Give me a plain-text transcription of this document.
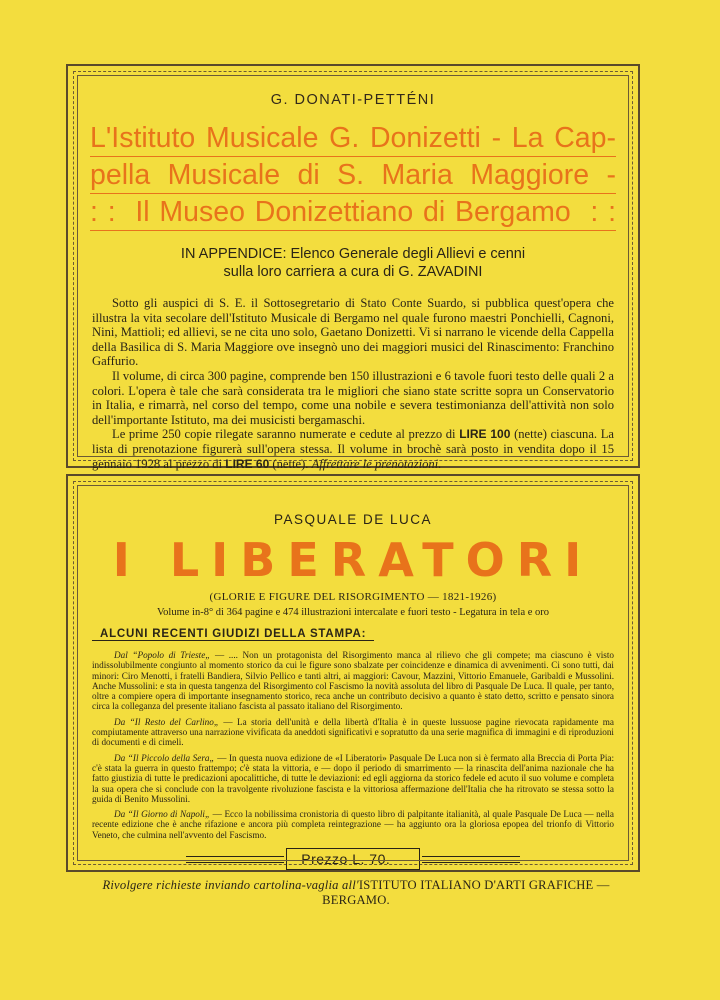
G. DONATI-PETTÉNI
L'Istituto Musicale G. Donizetti - La Cap-
pella Musicale di S. Maria Maggiore -
: :  Il Museo Donizettiano di Bergamo  : :
IN APPENDICE: Elenco Generale degli Allievi e cenni
sulla loro carriera a cura di G. ZAVADINI

Sotto gli auspici di S. E. il Sottosegretario di Stato Conte Suardo, si pubblica quest'opera che illustra la vita secolare dell'Istituto Musicale di Bergamo nel quale furono maestri Ponchielli, Cagnoni, Nini, Mattioli; ed allievi, se ne cita uno solo, Gaetano Donizetti. Vi si narrano le vicende della Cappella della Basilica di S. Maria Maggiore ove insegnò uno dei maggiori musici del Rinascimento: Franchino Gaffurio.

Il volume, di circa 300 pagine, comprende ben 150 illustrazioni e 6 tavole fuori testo delle quali 2 a colori. L'opera è tale che sarà considerata tra le migliori che siano state scritte sopra un Conservatorio in Italia, e rimarrà, nel corso del tempo, come una nobile e severa testimonianza dell'attività non solo dell'importante Istituto, ma dei musicisti bergamaschi.

Le prime 250 copie rilegate saranno numerate e cedute al prezzo di LIRE 100 (nette) ciascuna. La lista di prenotazione figurerà sull'opera stessa. Il volume in brochè sarà posto in vendita dopo il 15 gennaio 1928 al prezzo di LIRE 60 (nette). Affrettare le prenotazioni.

PASQUALE DE LUCA
I LIBERATORI
(GLORIE E FIGURE DEL RISORGIMENTO — 1821-1926)
Volume in-8° di 364 pagine e 474 illustrazioni intercalate e fuori testo - Legatura in tela e oro
ALCUNI RECENTI GIUDIZI DELLA STAMPA:

Dal “Popolo di Trieste„ — .... Non un protagonista del Risorgimento manca al rilievo che gli compete; ma ciascuno è visto indissolubilmente congiunto al momento storico da cui le figure sono sbalzate per coincidenze e dinamica di avvenimenti. Ci sono tutti, dai minori: Ciro Menotti, i fratelli Bandiera, Silvio Pellico e tanti altri, ai maggiori: Cavour, Mazzini, Vittorio Emanuele, Garibaldi e Mussolini. Anche Mussolini: e sta in questa tangenza del Risorgimento col Fascismo la novità assoluta del libro di Pasquale De Luca. Il quale, per tanto, oltre a compiere opera di importante insegnamento storico, reca anche un contributo decisivo a quanto è stato detto, scritto e pensato sinora circa la colleganza del presente italiano fascista al passato italiano del Risorgimento.

Da “Il Resto del Carlino„ — La storia dell'unità e della libertà d'Italia è in queste lussuose pagine rievocata rapidamente ma compiutamente attraverso una narrazione vivificata da aneddoti significativi e sopratutto da una serie magnifica di immagini e di riproduzioni di documenti e di cimeli.

Da “Il Piccolo della Sera„ — In questa nuova edizione de «I Liberatori» Pasquale De Luca non si è fermato alla Breccia di Porta Pia: c'è stata la guerra in questo frattempo; c'è stata la vittoria, e — dopo il periodo di smarrimento — la rinascita dell'anima nazionale che ha fatto giustizia di tutte le predicazioni apocalittiche, di tutte le deviazioni: ed egli aggiorna da storico fedele ed acuto il suo volume e completa la sua opera che si conclude con la travolgente rivoluzione fascista e la vittoriosa affermazione dell'Italia che ha ritrovato se stessa sotto la guida di Benito Mussolini.

Da “Il Giorno di Napoli„ — Ecco la nobilissima cronistoria di questo libro di palpitante italianità, al quale Pasquale De Luca — nella recente edizione che è anche rifazione e ancora più completa reintegrazione — ha aggiunto ora la gloriosa epopea del trionfo di Vittorio Veneto, che culmina nell'avvento del Fascismo.

Prezzo L. 70.—
Rivolgere richieste inviando cartolina-vaglia all'ISTITUTO ITALIANO D'ARTI GRAFICHE — BERGAMO.
